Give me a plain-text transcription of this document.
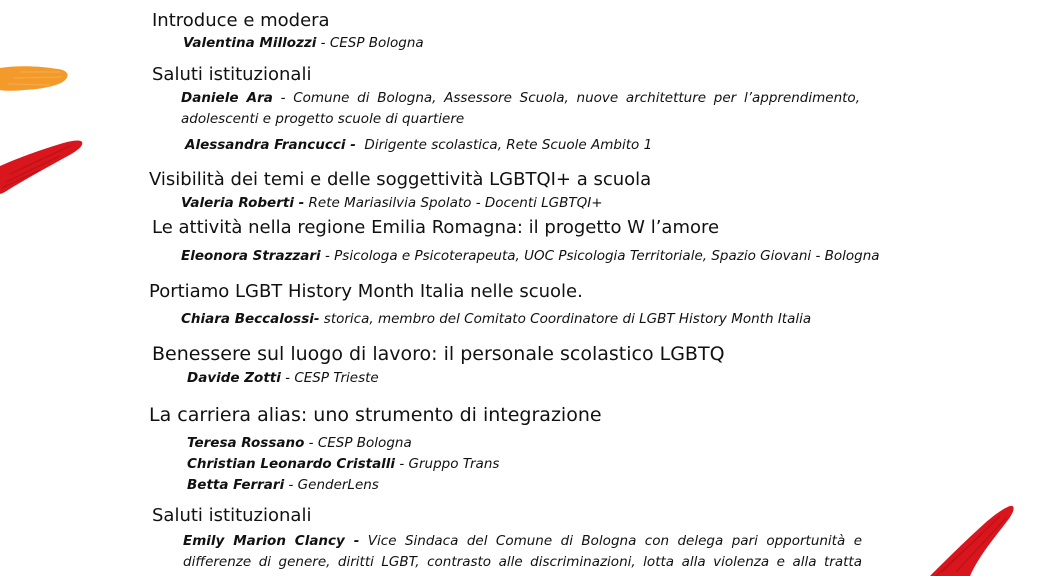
Introduce e modera
Valentina Millozzi - CESP Bologna
Saluti istituzionali
Daniele Ara - Comune di Bologna, Assessore Scuola, nuove architetture per l’apprendimento,
adolescenti e progetto scuole di quartiere
Alessandra Francucci - Dirigente scolastica, Rete Scuole Ambito 1
Visibilità dei temi e delle soggettività LGBTQI+ a scuola
Valeria Roberti - Rete Mariasilvia Spolato - Docenti LGBTQI+
Le attività nella regione Emilia Romagna: il progetto W l’amore
Eleonora Strazzari - Psicologa e Psicoterapeuta, UOC Psicologia Territoriale, Spazio Giovani - Bologna
Portiamo LGBT History Month Italia nelle scuole.
Chiara Beccalossi- storica, membro del Comitato Coordinatore di LGBT History Month Italia
Benessere sul luogo di lavoro: il personale scolastico LGBTQ
Davide Zotti - CESP Trieste
La carriera alias: uno strumento di integrazione
Teresa Rossano - CESP Bologna
Christian Leonardo Cristalli - Gruppo Trans
Betta Ferrari - GenderLens
Saluti istituzionali
Emily Marion Clancy - Vice Sindaca del Comune di Bologna con delega pari opportunità e
differenze di genere, diritti LGBT, contrasto alle discriminazioni, lotta alla violenza e alla tratta
